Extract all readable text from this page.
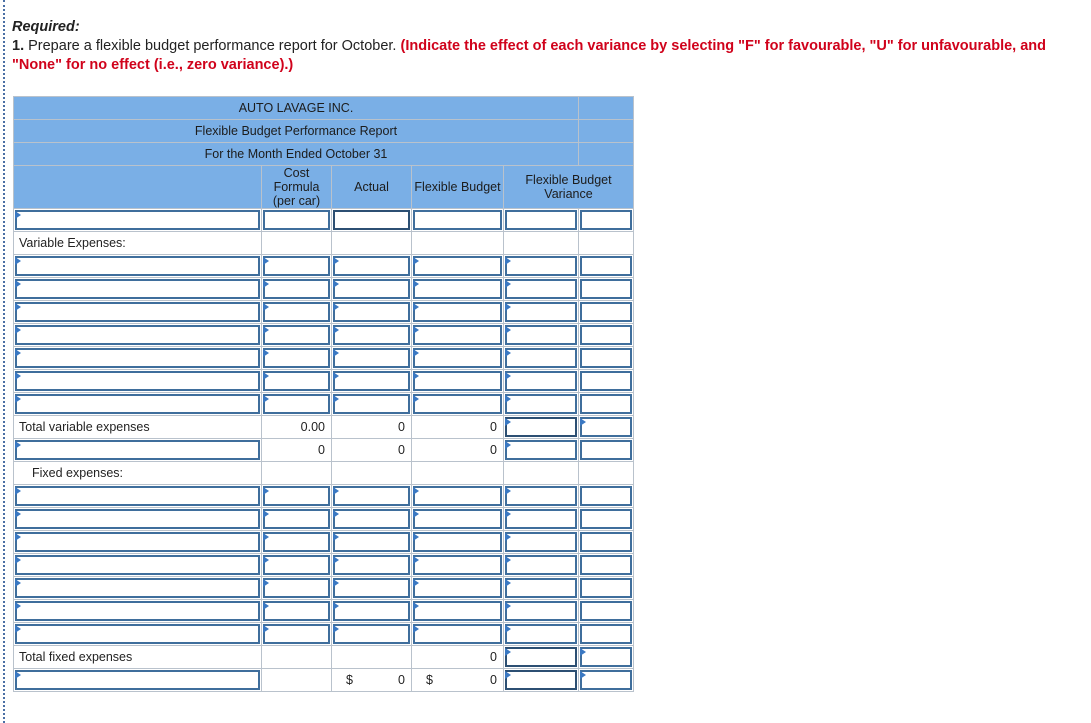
Required:
1. Prepare a flexible budget performance report for October. (Indicate the effect of each variance by selecting "F" for favourable, "U" for unfavourable, and "None" for no effect (i.e., zero variance).)
AUTO LAVAGE INC.					
Flexible Budget Performance Report					
For the Month Ended October 31					
	Cost Formula (per car)	Actual	Flexible Budget	Flexible Budget Variance	

Variable Expenses:					

Total variable expenses	0.00	0	0	

	0	0	0	

Fixed expenses:					

Total fixed expenses			0	

		$ 0	$ 0	
